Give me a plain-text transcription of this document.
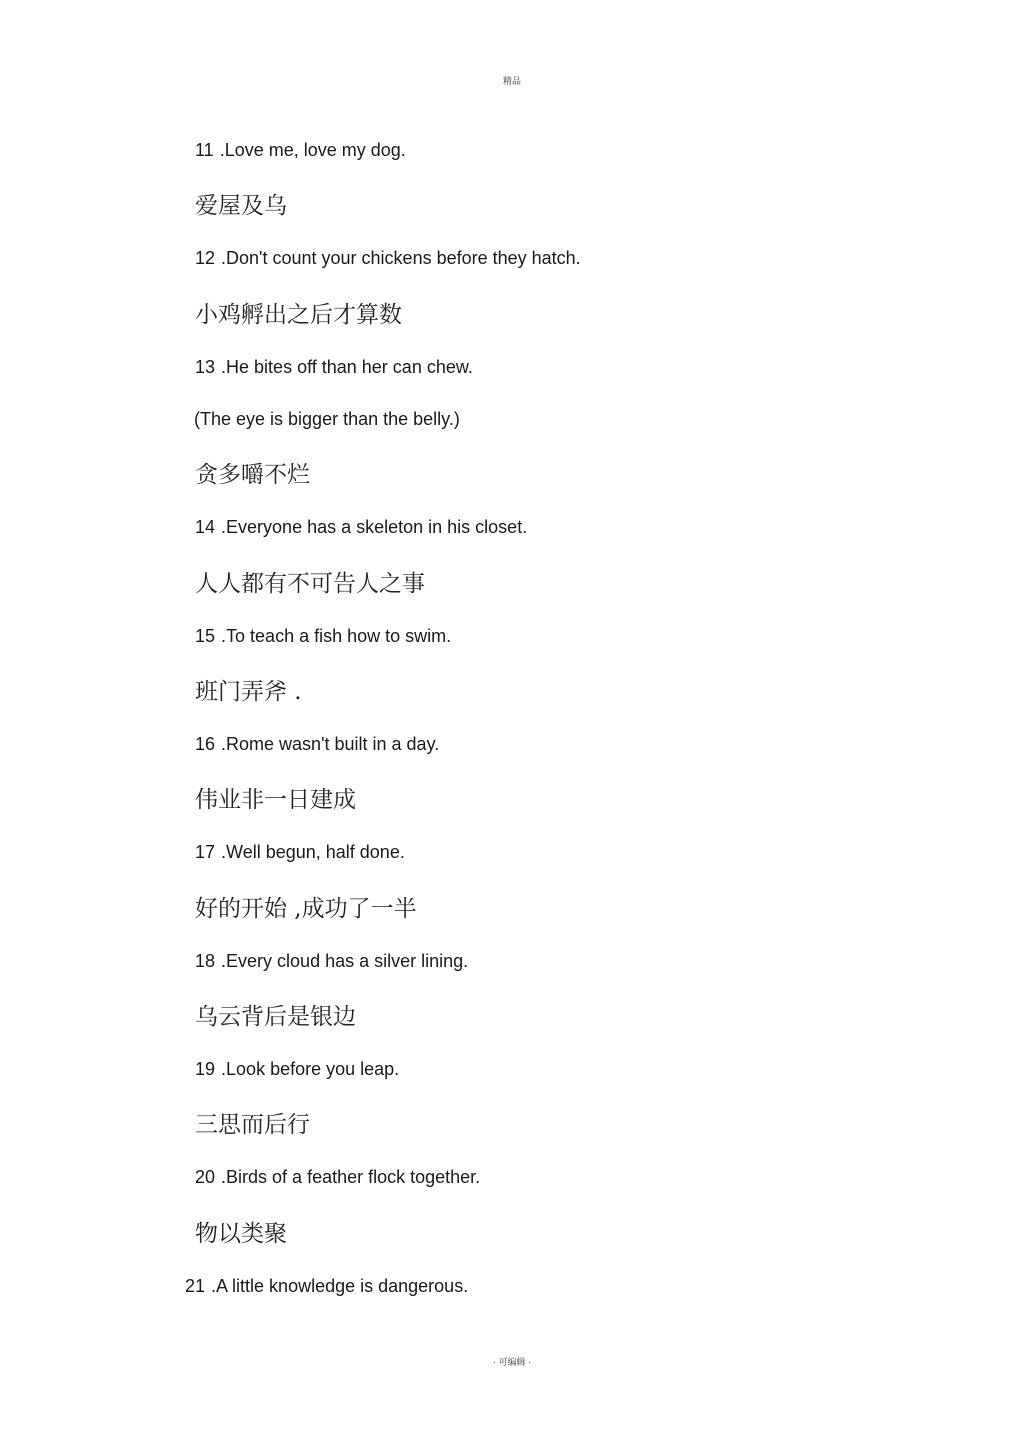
精品
11 .Love me, love my dog.
爱屋及乌
12 .Don't count your chickens before they hatch.
小鸡孵出之后才算数
13 .He bites off than her can chew.
(The eye is bigger than the belly.)
贪多嚼不烂
14 .Everyone has a skeleton in his closet.
人人都有不可告人之事
15 .To teach a fish how to swim.
班门弄斧 .
16 .Rome wasn't built in a day.
伟业非一日建成
17 .Well begun, half done.
好的开始 ,成功了一半
18 .Every cloud has a silver lining.
乌云背后是银边
19 .Look before you leap.
三思而后行
20 .Birds of a feather flock together.
物以类聚
21 .A little knowledge is dangerous.
· 可编辑 ·
